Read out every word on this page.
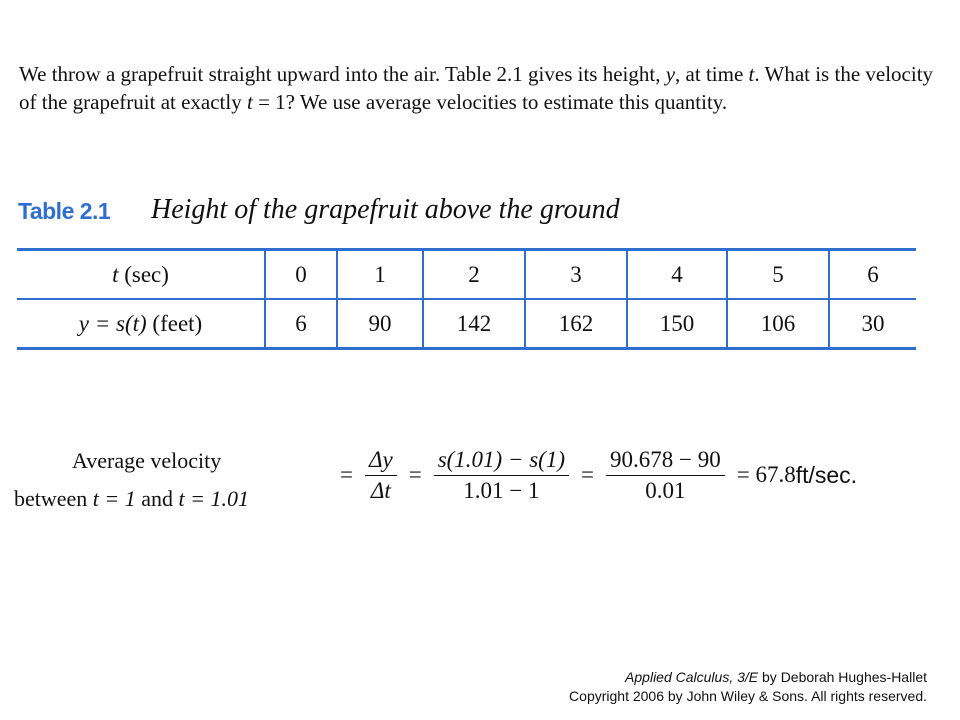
We throw a grapefruit straight upward into the air. Table 2.1 gives its height, y, at time t. What is the velocity of the grapefruit at exactly t = 1? We use average velocities to estimate this quantity.

Table 2.1 Height of the grapefruit above the ground
t (sec)	0	1	2	3	4	5	6
y = s(t) (feet)	6	90	142	162	150	106	30
Average velocity
between t = 1 and t = 1.01
= $\frac{\Delta y}{\Delta t} = \frac{s(1.01) - s(1)}{1.01 - 1} = \frac{90.678 - 90}{0.01} = 67.8$ ft/sec.
Applied Calculus, 3/E by Deborah Hughes-Hallet
Copyright 2006 by John Wiley & Sons. All rights reserved.
